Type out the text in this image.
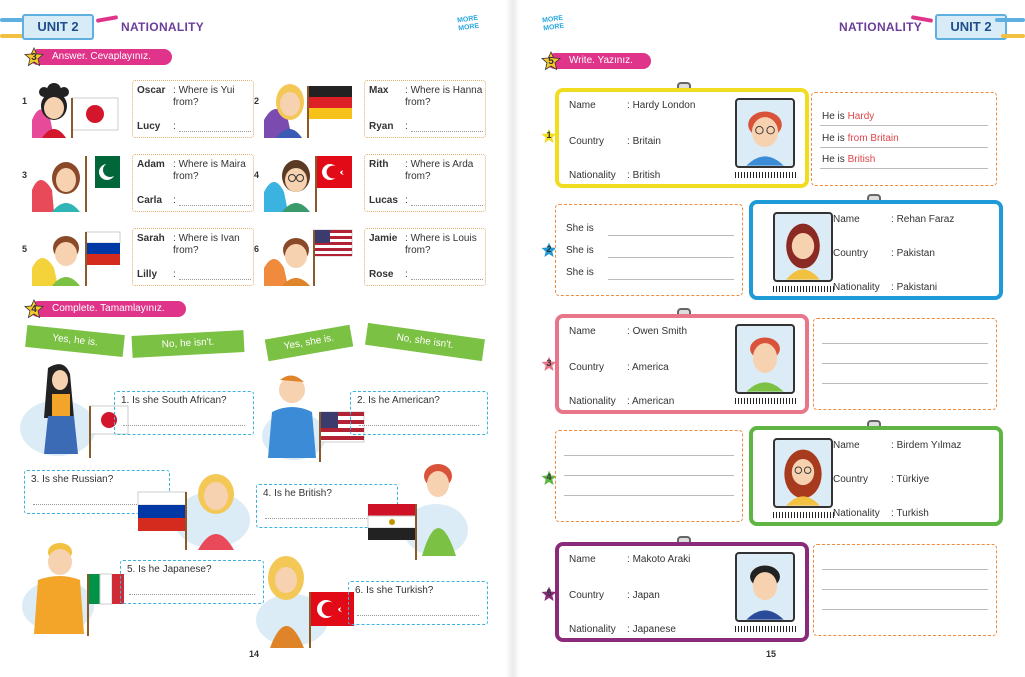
UNIT 2	NATIONALITY
MORE
MORE
3	Answer. Cevaplayınız.
1
Oscar : Where is Yui from?
Lucy :
2
Max : Where is Hanna from?
Ryan :
3
Adam : Where is Maira from?
Carla :
4
Rith : Where is Arda from?
Lucas :
5
Sarah : Where is Ivan from?
Lilly :
6
Jamie : Where is Louis from?
Rose :
4	Complete. Tamamlayınız.
Yes, he is.	No, he isn't.	Yes, she is.	No, she isn't.
1. Is she South African?	2. Is he American?
3. Is she Russian?
4. Is he British?
5. Is he Japanese?
6. Is she Turkish?
14
MORE
MORE	NATIONALITY	UNIT 2
5	Write. Yazınız.
1
Name	: Hardy London
Country : Britain
Nationality : British
He is Hardy
He is from Britain
He is British
2
She is
She is
She is
Name	: Rehan Faraz
Country : Pakistan
Nationality : Pakistani
3
Name	: Owen Smith
Country : America
Nationality : American
4
Name	: Birdem Yılmaz
Country : Türkiye
Nationality : Turkish
5
Name	: Makoto Araki
Country : Japan
Nationality : Japanese
15
